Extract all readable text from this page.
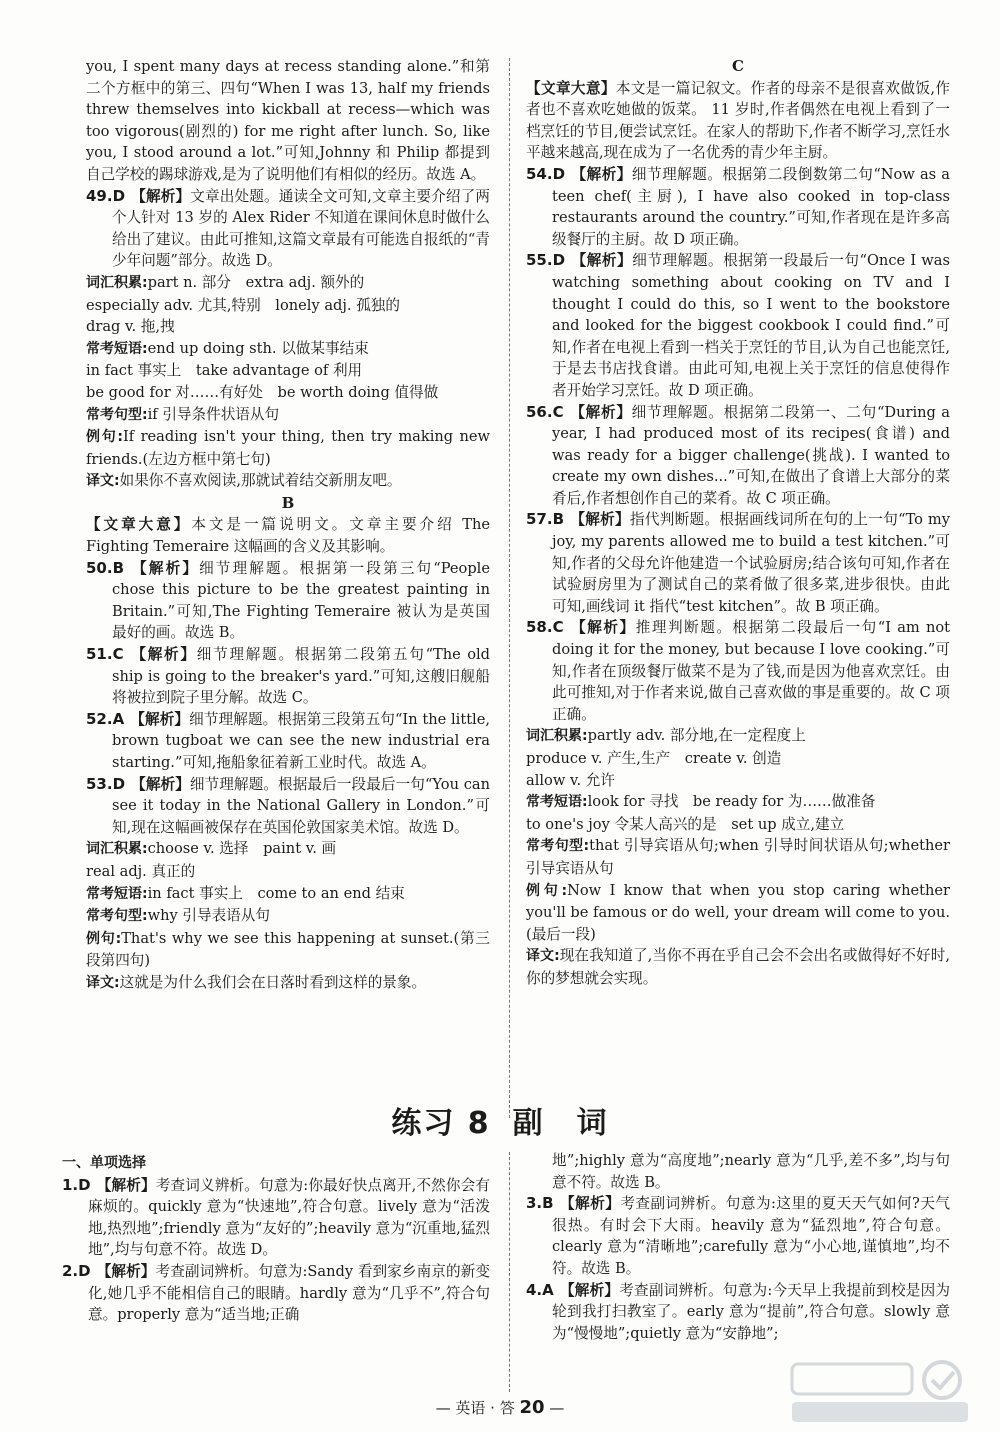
you, I spent many days at recess standing alone.”和第二个方框中的第三、四句“When I was 13, half my friends threw themselves into kickball at recess—which was too vigorous(剧烈的) for me right after lunch. So, like you, I stood around a lot.”可知,Johnny 和 Philip 都提到自己学校的踢球游戏,是为了说明他们有相似的经历。故选 A。

49.D 【解析】文章出处题。通读全文可知,文章主要介绍了两个人针对 13 岁的 Alex Rider 不知道在课间休息时做什么给出了建议。由此可推知,这篇文章最有可能选自报纸的“青少年问题”部分。故选 D。

词汇积累:part n. 部分　extra adj. 额外的

especially adv. 尤其,特别　lonely adj. 孤独的

drag v. 拖,拽

常考短语:end up doing sth. 以做某事结束

in fact 事实上　take advantage of 利用

be good for 对……有好处　be worth doing 值得做

常考句型:if 引导条件状语从句

例句:If reading isn't your thing, then try making new friends.(左边方框中第七句)

译文:如果你不喜欢阅读,那就试着结交新朋友吧。

B

【文章大意】本文是一篇说明文。文章主要介绍 The Fighting Temeraire 这幅画的含义及其影响。

50.B 【解析】细节理解题。根据第一段第三句“People chose this picture to be the greatest painting in Britain.”可知,The Fighting Temeraire 被认为是英国最好的画。故选 B。

51.C 【解析】细节理解题。根据第二段第五句“The old ship is going to the breaker's yard.”可知,这艘旧舰船将被拉到院子里分解。故选 C。

52.A 【解析】细节理解题。根据第三段第五句“In the little, brown tugboat we can see the new industrial era starting.”可知,拖船象征着新工业时代。故选 A。

53.D 【解析】细节理解题。根据最后一段最后一句“You can see it today in the National Gallery in London.”可知,现在这幅画被保存在英国伦敦国家美术馆。故选 D。

词汇积累:choose v. 选择　paint v. 画

real adj. 真正的

常考短语:in fact 事实上　come to an end 结束

常考句型:why 引导表语从句

例句:That's why we see this happening at sunset.(第三段第四句)

译文:这就是为什么我们会在日落时看到这样的景象。

C

【文章大意】本文是一篇记叙文。作者的母亲不是很喜欢做饭,作者也不喜欢吃她做的饭菜。 11 岁时,作者偶然在电视上看到了一档烹饪的节目,便尝试烹饪。在家人的帮助下,作者不断学习,烹饪水平越来越高,现在成为了一名优秀的青少年主厨。

54.D 【解析】细节理解题。根据第二段倒数第二句“Now as a teen chef(主厨), I have also cooked in top-class restaurants around the country.”可知,作者现在是许多高级餐厅的主厨。故 D 项正确。

55.D 【解析】细节理解题。根据第一段最后一句“Once I was watching something about cooking on TV and I thought I could do this, so I went to the bookstore and looked for the biggest cookbook I could find.”可知,作者在电视上看到一档关于烹饪的节目,认为自己也能烹饪,于是去书店找食谱。由此可知,电视上关于烹饪的信息使得作者开始学习烹饪。故 D 项正确。

56.C 【解析】细节理解题。根据第二段第一、二句“During a year, I had produced most of its recipes(食谱) and was ready for a bigger challenge(挑战). I wanted to create my own dishes...”可知,在做出了食谱上大部分的菜肴后,作者想创作自己的菜肴。故 C 项正确。

57.B 【解析】指代判断题。根据画线词所在句的上一句“To my joy, my parents allowed me to build a test kitchen.”可知,作者的父母允许他建造一个试验厨房;结合该句可知,作者在试验厨房里为了测试自己的菜肴做了很多菜,进步很快。由此可知,画线词 it 指代“test kitchen”。故 B 项正确。

58.C 【解析】推理判断题。根据第二段最后一句“I am not doing it for the money, but because I love cooking.”可知,作者在顶级餐厅做菜不是为了钱,而是因为他喜欢烹饪。由此可推知,对于作者来说,做自己喜欢做的事是重要的。故 C 项正确。

词汇积累:partly adv. 部分地,在一定程度上

produce v. 产生,生产　create v. 创造

allow v. 允许

常考短语:look for 寻找　be ready for 为……做准备

to one's joy 令某人高兴的是　set up 成立,建立

常考句型:that 引导宾语从句;when 引导时间状语从句;whether 引导宾语从句

例句:Now I know that when you stop caring whether you'll be famous or do well, your dream will come to you.(最后一段)

译文:现在我知道了,当你不再在乎自己会不会出名或做得好不好时,你的梦想就会实现。

练习 8 副　词

一、单项选择

1.D 【解析】考查词义辨析。句意为:你最好快点离开,不然你会有麻烦的。quickly 意为“快速地”,符合句意。lively 意为“活泼地,热烈地”;friendly 意为“友好的”;heavily 意为“沉重地,猛烈地”,均与句意不符。故选 D。

2.D 【解析】考查副词辨析。句意为:Sandy 看到家乡南京的新变化,她几乎不能相信自己的眼睛。hardly 意为“几乎不”,符合句意。properly 意为“适当地;正确

地”;highly 意为“高度地”;nearly 意为“几乎,差不多”,均与句意不符。故选 B。

3.B 【解析】考查副词辨析。句意为:这里的夏天天气如何?天气很热。有时会下大雨。heavily 意为“猛烈地”,符合句意。clearly 意为“清晰地”;carefully 意为“小心地,谨慎地”,均不符。故选 B。

4.A 【解析】考查副词辨析。句意为:今天早上我提前到校是因为轮到我打扫教室了。early 意为“提前”,符合句意。slowly 意为“慢慢地”;quietly 意为“安静地”;

— 英语 · 答 20 —
